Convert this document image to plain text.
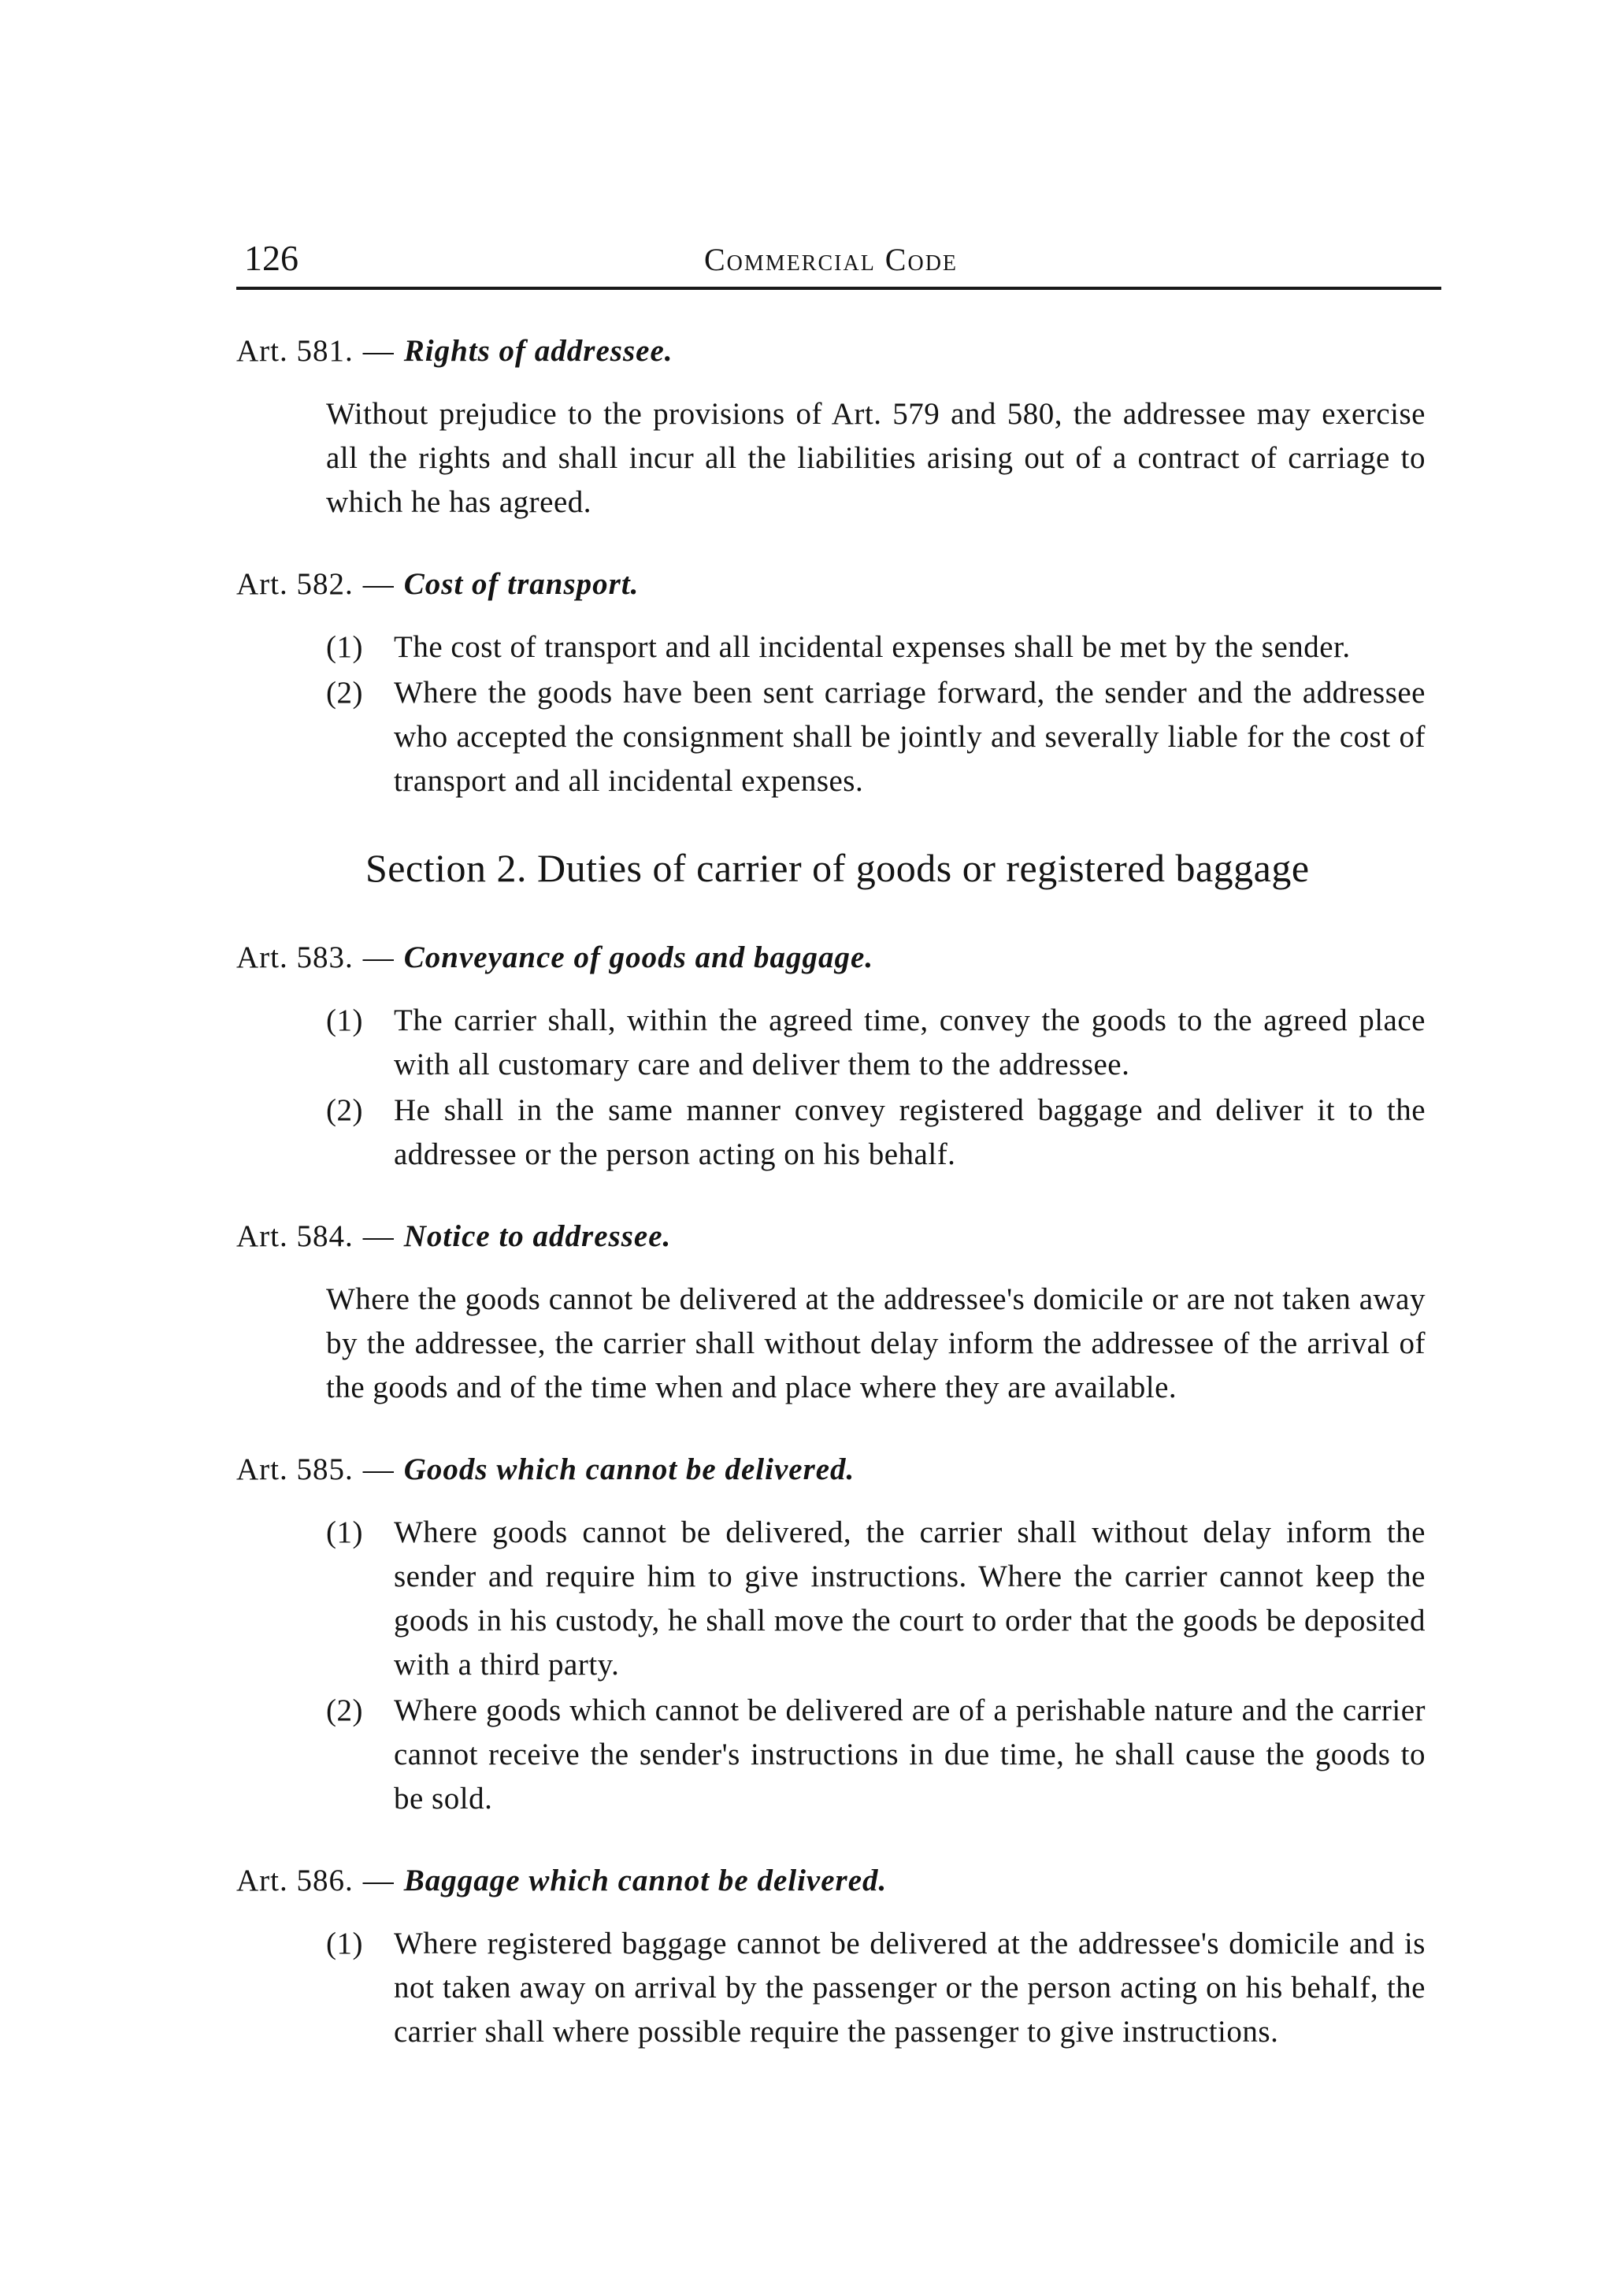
126	Commercial Code
Art. 581. — Rights of addressee.
Without prejudice to the provisions of Art. 579 and 580, the addressee may exercise all the rights and shall incur all the liabilities arising out of a contract of carriage to which he has agreed.
Art. 582. — Cost of transport.
(1) The cost of transport and all incidental expenses shall be met by the sender.
(2) Where the goods have been sent carriage forward, the sender and the addressee who accepted the consignment shall be jointly and severally liable for the cost of transport and all incidental expenses.
Section 2. Duties of carrier of goods or registered baggage
Art. 583. — Conveyance of goods and baggage.
(1) The carrier shall, within the agreed time, convey the goods to the agreed place with all customary care and deliver them to the addressee.
(2) He shall in the same manner convey registered baggage and deliver it to the addressee or the person acting on his behalf.
Art. 584. — Notice to addressee.
Where the goods cannot be delivered at the addressee's domicile or are not taken away by the addressee, the carrier shall without delay inform the addressee of the arrival of the goods and of the time when and place where they are available.
Art. 585. — Goods which cannot be delivered.
(1) Where goods cannot be delivered, the carrier shall without delay inform the sender and require him to give instructions. Where the carrier cannot keep the goods in his custody, he shall move the court to order that the goods be deposited with a third party.
(2) Where goods which cannot be delivered are of a perishable nature and the carrier cannot receive the sender's instructions in due time, he shall cause the goods to be sold.
Art. 586. — Baggage which cannot be delivered.
(1) Where registered baggage cannot be delivered at the addressee's domicile and is not taken away on arrival by the passenger or the person acting on his behalf, the carrier shall where possible require the passenger to give instructions.
